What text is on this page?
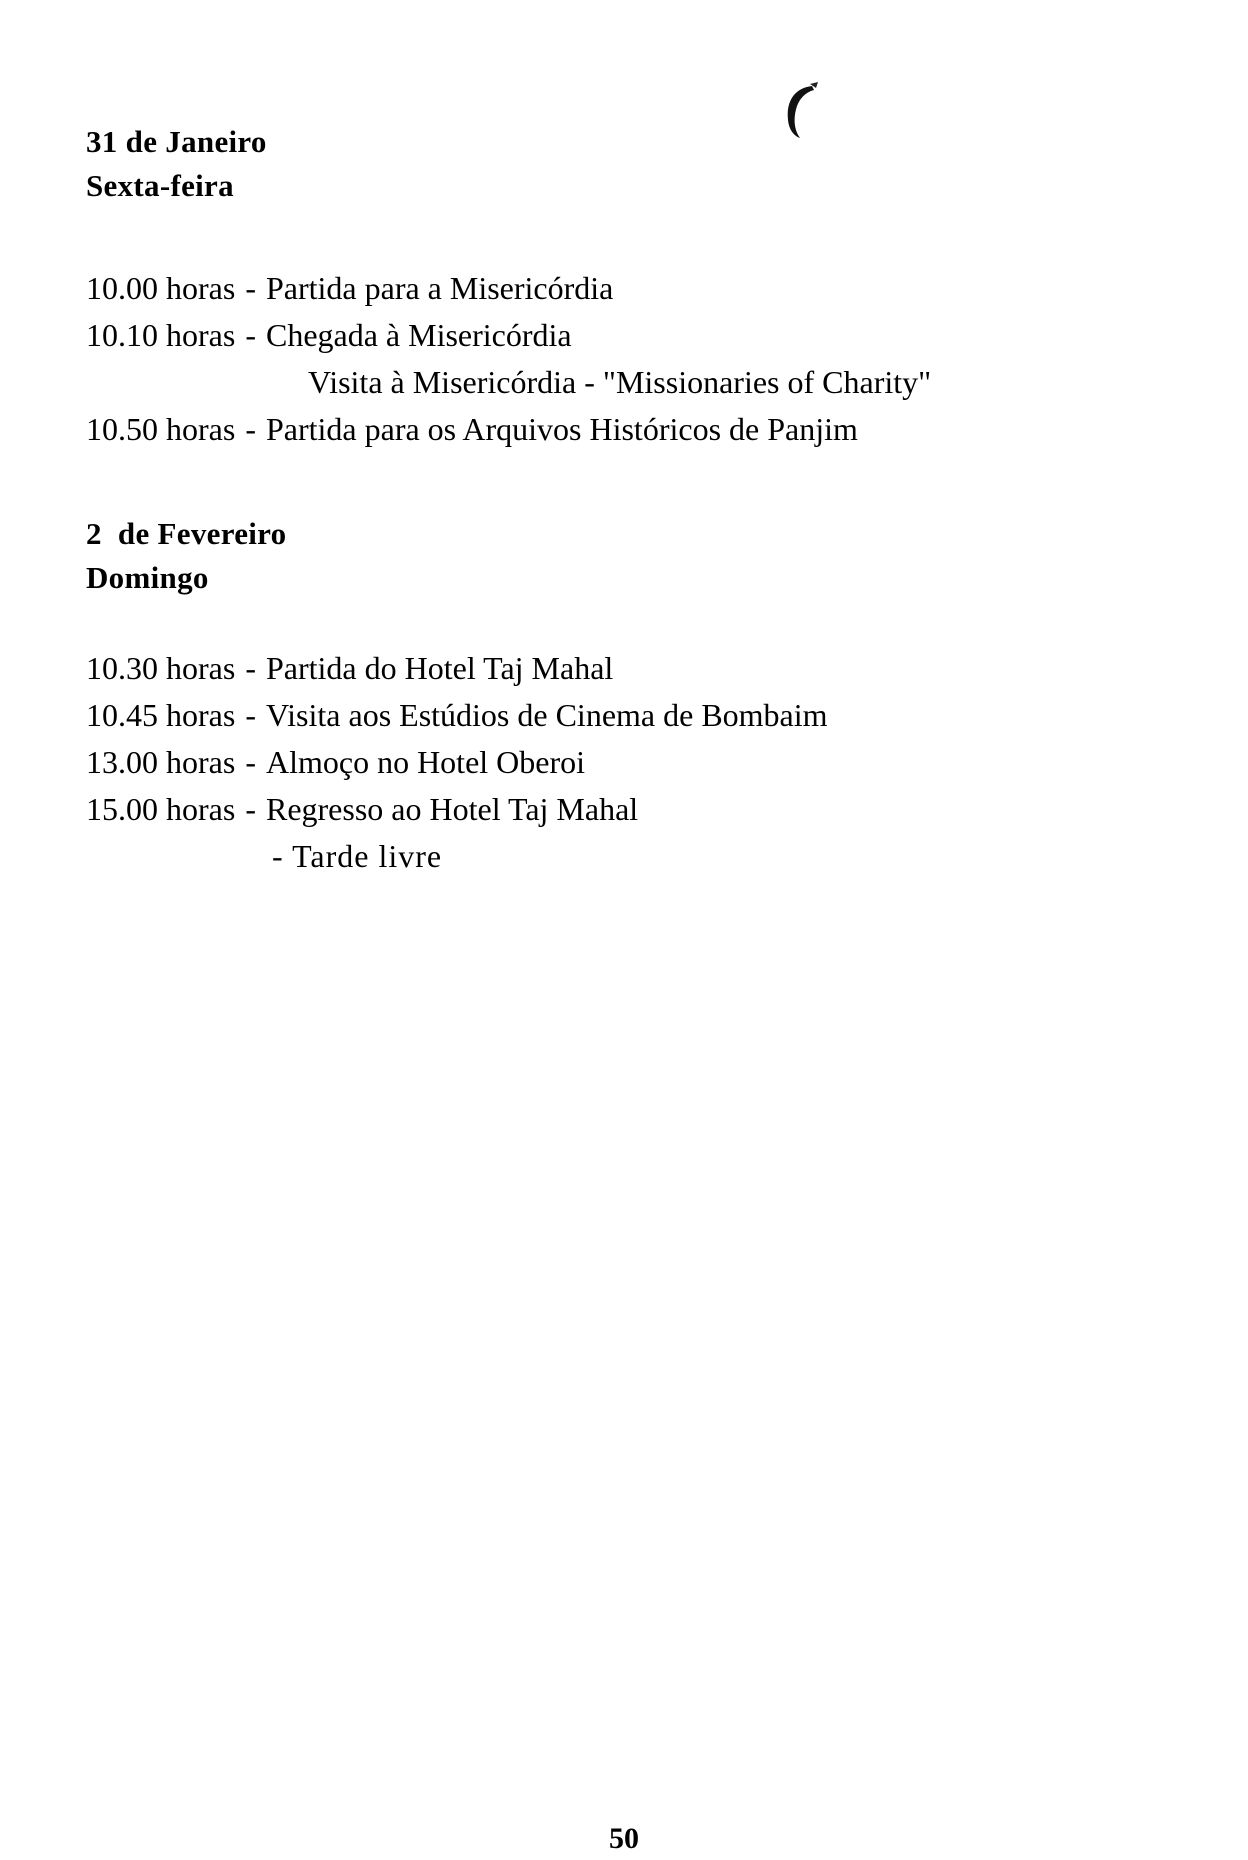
31 de Janeiro
Sexta-feira
10.00 horas - Partida para a Misericórdia
10.10 horas - Chegada à Misericórdia
Visita à Misericórdia - "Missionaries of Charity"
10.50 horas - Partida para os Arquivos Históricos de Panjim
2  de Fevereiro
Domingo
10.30 horas - Partida do Hotel Taj Mahal
10.45 horas - Visita aos Estúdios de Cinema de Bombaim
13.00 horas - Almoço no Hotel Oberoi
15.00 horas - Regresso ao Hotel Taj Mahal
- Tarde livre
50
